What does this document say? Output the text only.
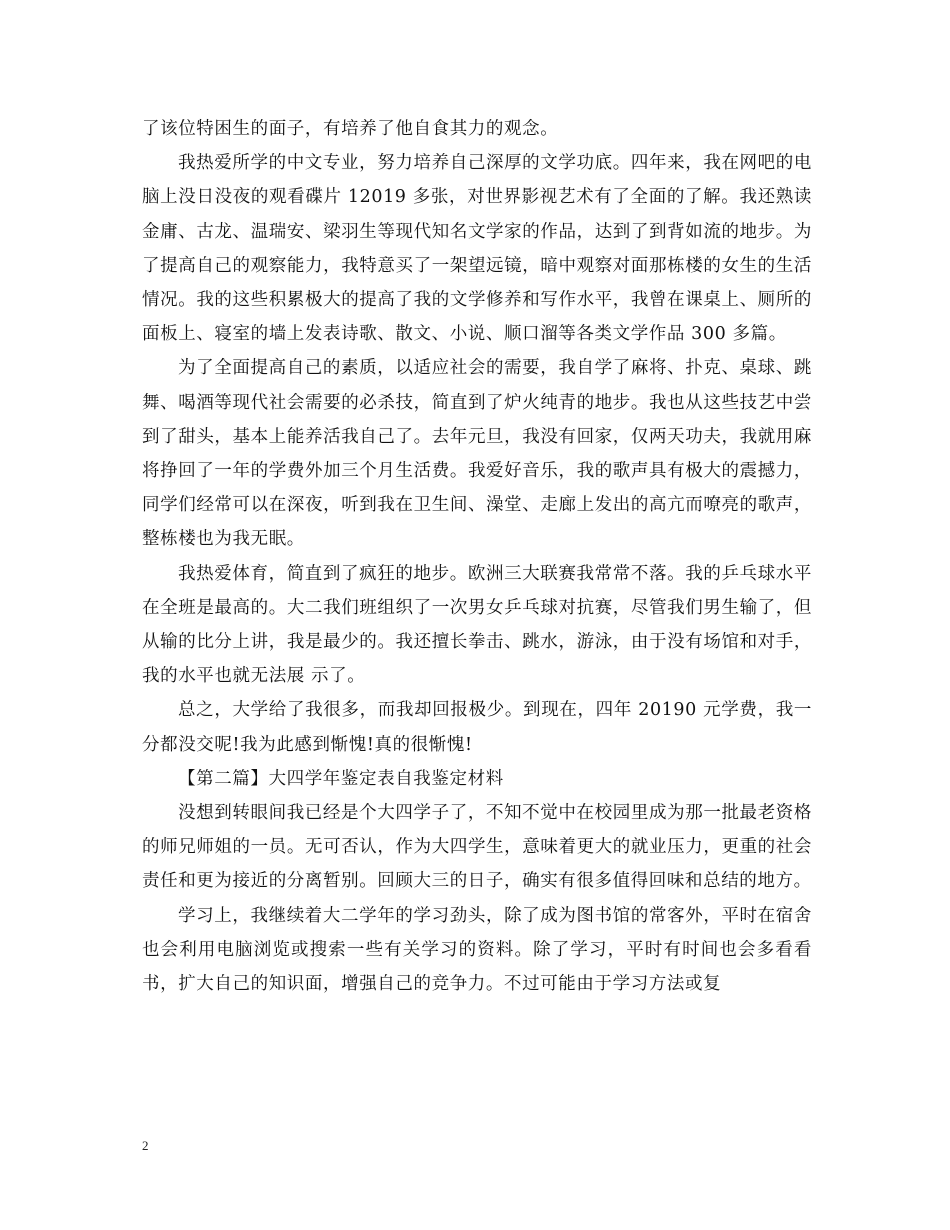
了该位特困生的面子，有培养了他自食其力的观念。

我热爱所学的中文专业，努力培养自己深厚的文学功底。四年来，我在网吧的电脑上没日没夜的观看碟片 12019 多张，对世界影视艺术有了全面的了解。我还熟读金庸、古龙、温瑞安、梁羽生等现代知名文学家的作品，达到了到背如流的地步。为了提高自己的观察能力，我特意买了一架望远镜，暗中观察对面那栋楼的女生的生活情况。我的这些积累极大的提高了我的文学修养和写作水平，我曾在课桌上、厕所的面板上、寝室的墙上发表诗歌、散文、小说、顺口溜等各类文学作品 300 多篇。

为了全面提高自己的素质，以适应社会的需要，我自学了麻将、扑克、桌球、跳舞、喝酒等现代社会需要的必杀技，简直到了炉火纯青的地步。我也从这些技艺中尝到了甜头，基本上能养活我自己了。去年元旦，我没有回家，仅两天功夫，我就用麻将挣回了一年的学费外加三个月生活费。我爱好音乐，我的歌声具有极大的震撼力，同学们经常可以在深夜，听到我在卫生间、澡堂、走廊上发出的高亢而嘹亮的歌声，整栋楼也为我无眠。

我热爱体育，简直到了疯狂的地步。欧洲三大联赛我常常不落。我的乒乓球水平在全班是最高的。大二我们班组织了一次男女乒乓球对抗赛，尽管我们男生输了，但从输的比分上讲，我是最少的。我还擅长拳击、跳水，游泳，由于没有场馆和对手，我的水平也就无法展 示了。

总之，大学给了我很多，而我却回报极少。到现在，四年 20190 元学费，我一分都没交呢!我为此感到惭愧!真的很惭愧!

【第二篇】大四学年鉴定表自我鉴定材料

没想到转眼间我已经是个大四学子了，不知不觉中在校园里成为那一批最老资格的师兄师姐的一员。无可否认，作为大四学生，意味着更大的就业压力，更重的社会责任和更为接近的分离暂别。回顾大三的日子，确实有很多值得回味和总结的地方。

学习上，我继续着大二学年的学习劲头，除了成为图书馆的常客外，平时在宿舍也会利用电脑浏览或搜索一些有关学习的资料。除了学习，平时有时间也会多看看书，扩大自己的知识面，增强自己的竞争力。不过可能由于学习方法或复

2
